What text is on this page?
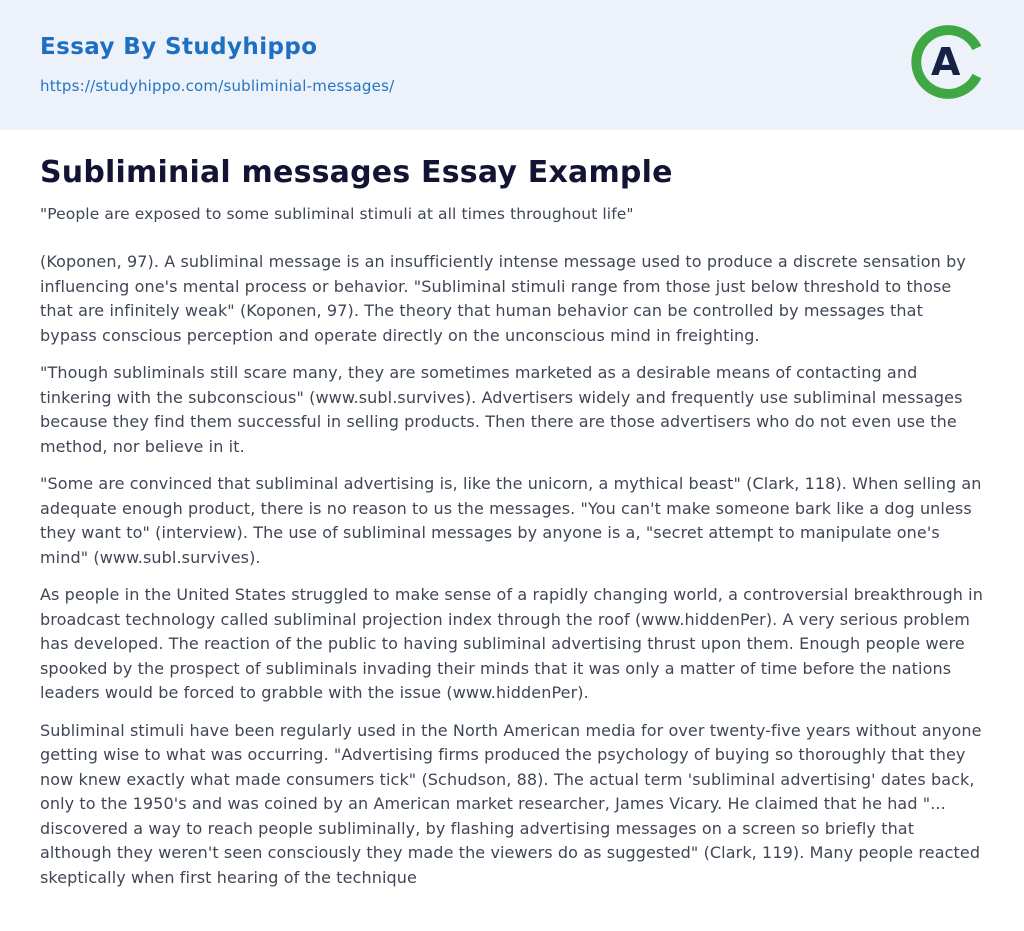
Essay By Studyhippo
https://studyhippo.com/subliminial-messages/
A
Subliminial messages Essay Example
"People are exposed to some subliminal stimuli at all times throughout life"

(Koponen, 97). A subliminal message is an insufficiently intense message used to produce a discrete sensation by influencing one's mental process or behavior. "Subliminal stimuli range from those just below threshold to those that are infinitely weak" (Koponen, 97). The theory that human behavior can be controlled by messages that bypass conscious perception and operate directly on the unconscious mind in freighting.

"Though subliminals still scare many, they are sometimes marketed as a desirable means of contacting and tinkering with the subconscious" (www.subl.survives). Advertisers widely and frequently use subliminal messages because they find them successful in selling products. Then there are those advertisers who do not even use the method, nor believe in it.

"Some are convinced that subliminal advertising is, like the unicorn, a mythical beast" (Clark, 118). When selling an adequate enough product, there is no reason to us the messages. "You can't make someone bark like a dog unless they want to" (interview). The use of subliminal messages by anyone is a, "secret attempt to manipulate one's mind" (www.subl.survives).

As people in the United States struggled to make sense of a rapidly changing world, a controversial breakthrough in broadcast technology called subliminal projection index through the roof (www.hiddenPer). A very serious problem has developed. The reaction of the public to having subliminal advertising thrust upon them. Enough people were spooked by the prospect of subliminals invading their minds that it was only a matter of time before the nations leaders would be forced to grabble with the issue (www.hiddenPer).

Subliminal stimuli have been regularly used in the North American media for over twenty-five years without anyone getting wise to what was occurring. "Advertising firms produced the psychology of buying so thoroughly that they now knew exactly what made consumers tick" (Schudson, 88). The actual term 'subliminal advertising' dates back, only to the 1950's and was coined by an American market researcher, James Vicary. He claimed that he had "... discovered a way to reach people subliminally, by flashing advertising messages on a screen so briefly that although they weren't seen consciously they made the viewers do as suggested" (Clark, 119). Many people reacted skeptically when first hearing of the technique
